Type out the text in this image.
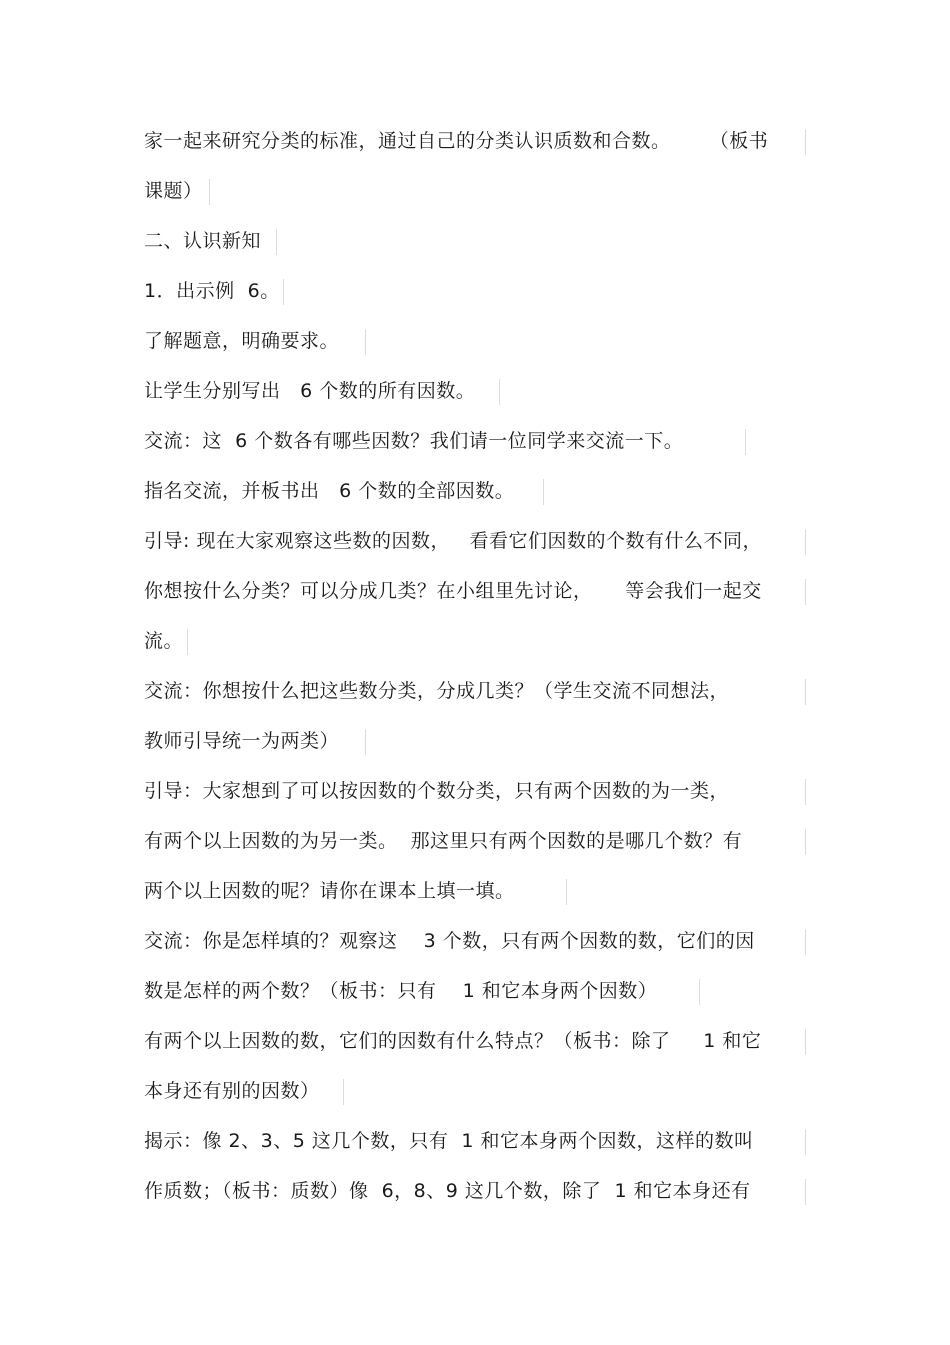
家一起来研究分类的标准，通过自己的分类认识质数和合数。      （板书
课题）
二、认识新知
1．出示例  6。
了解题意，明确要求。
让学生分别写出   6 个数的所有因数。
交流：这  6 个数各有哪些因数？我们请一位同学来交流一下。
指名交流，并板书出   6 个数的全部因数。
引导: 现在大家观察这些数的因数，   看看它们因数的个数有什么不同，
你想按什么分类？可以分成几类？在小组里先讨论，     等会我们一起交
流。
交流：你想按什么把这些数分类，分成几类？（学生交流不同想法，
教师引导统一为两类）
引导：大家想到了可以按因数的个数分类，只有两个因数的为一类，
有两个以上因数的为另一类。  那这里只有两个因数的是哪几个数？有
两个以上因数的呢？请你在课本上填一填。
交流：你是怎样填的？观察这    3 个数，只有两个因数的数，它们的因
数是怎样的两个数？（板书：只有    1 和它本身两个因数）
有两个以上因数的数，它们的因数有什么特点？（板书：除了     1 和它
本身还有别的因数）
揭示：像 2、3、5 这几个数，只有  1 和它本身两个因数，这样的数叫
作质数；（板书：质数）像  6，8、9 这几个数，除了  1 和它本身还有
